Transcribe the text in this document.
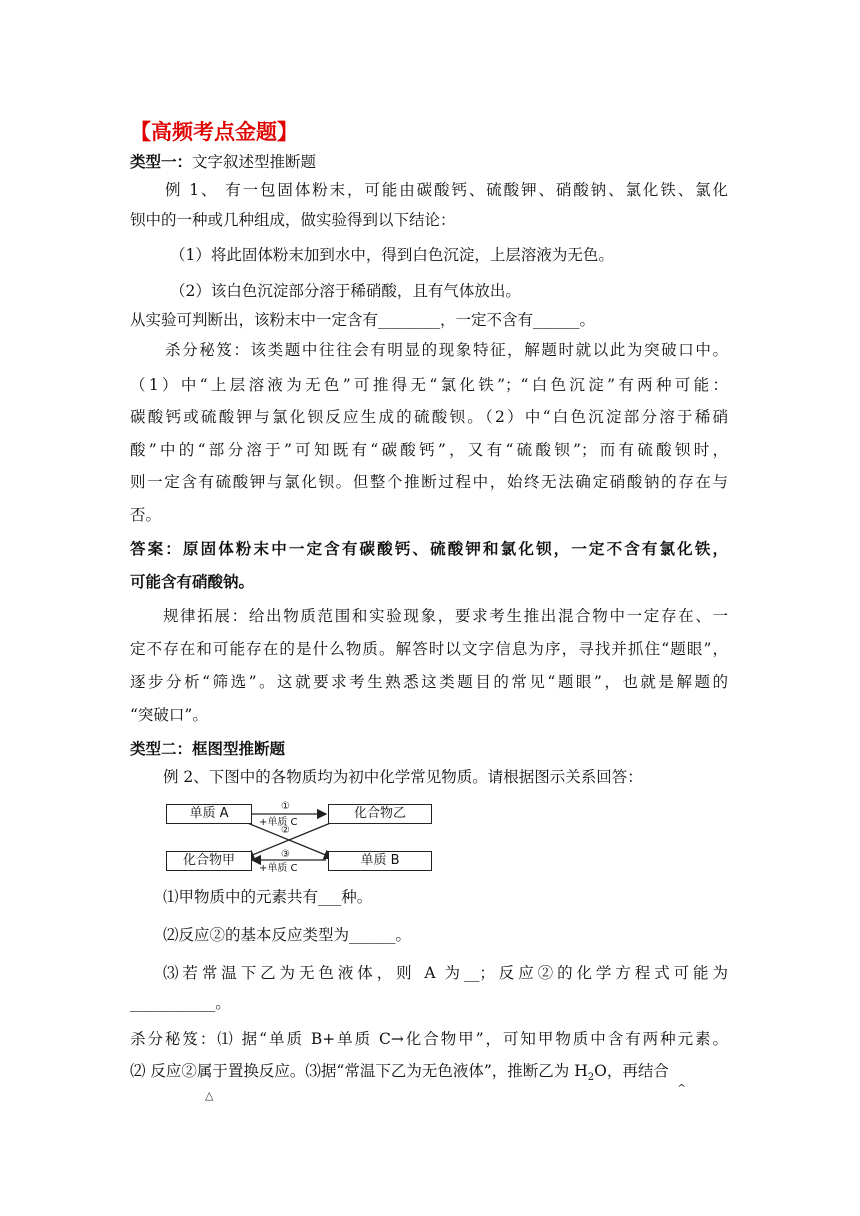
【高频考点金题】
类型一：文字叙述型推断题
例 1、 有一包固体粉末，可能由碳酸钙、硫酸钾、硝酸钠、氯化铁、氯化
钡中的一种或几种组成，做实验得到以下结论：
（1）将此固体粉末加到水中，得到白色沉淀，上层溶液为无色。
（2）该白色沉淀部分溶于稀硝酸，且有气体放出。
从实验可判断出，该粉末中一定含有________，一定不含有______。
杀分秘笈：该类题中往往会有明显的现象特征，解题时就以此为突破口中。
（1）中“上层溶液为无色”可推得无“氯化铁”；“白色沉淀”有两种可能：
碳酸钙或硫酸钾与氯化钡反应生成的硫酸钡。（2）中“白色沉淀部分溶于稀硝
酸”中的“部分溶于”可知既有“碳酸钙”，又有“硫酸钡”；而有硫酸钡时，
则一定含有硫酸钾与氯化钡。但整个推断过程中，始终无法确定硝酸钠的存在与
否。
答案：原固体粉末中一定含有碳酸钙、硫酸钾和氯化钡，一定不含有氯化铁，
可能含有硝酸钠。
规律拓展：给出物质范围和实验现象，要求考生推出混合物中一定存在、一
定不存在和可能存在的是什么物质。解答时以文字信息为序，寻找并抓住“题眼”，
逐步分析“筛选”。这就要求考生熟悉这类题目的常见“题眼”，也就是解题的
“突破口”。
类型二：框图型推断题
例 2、下图中的各物质均为初中化学常见物质。请根据图示关系回答：
单质 A	化合物乙
化合物甲	单质 B
①
+单质 C
②
③
+单质 C
⑴甲物质中的元素共有___种。
⑵反应②的基本反应类型为______。
⑶若常温下乙为无色液体，则 A 为__；反应②的化学方程式可能为
___________。
杀分秘笈：⑴ 据“单质 B+单质 C→化合物甲”，可知甲物质中含有两种元素。
⑵ 反应②属于置换反应。⑶据“常温下乙为无色液体”，推断乙为 $H_2O$，再结合
△
^
